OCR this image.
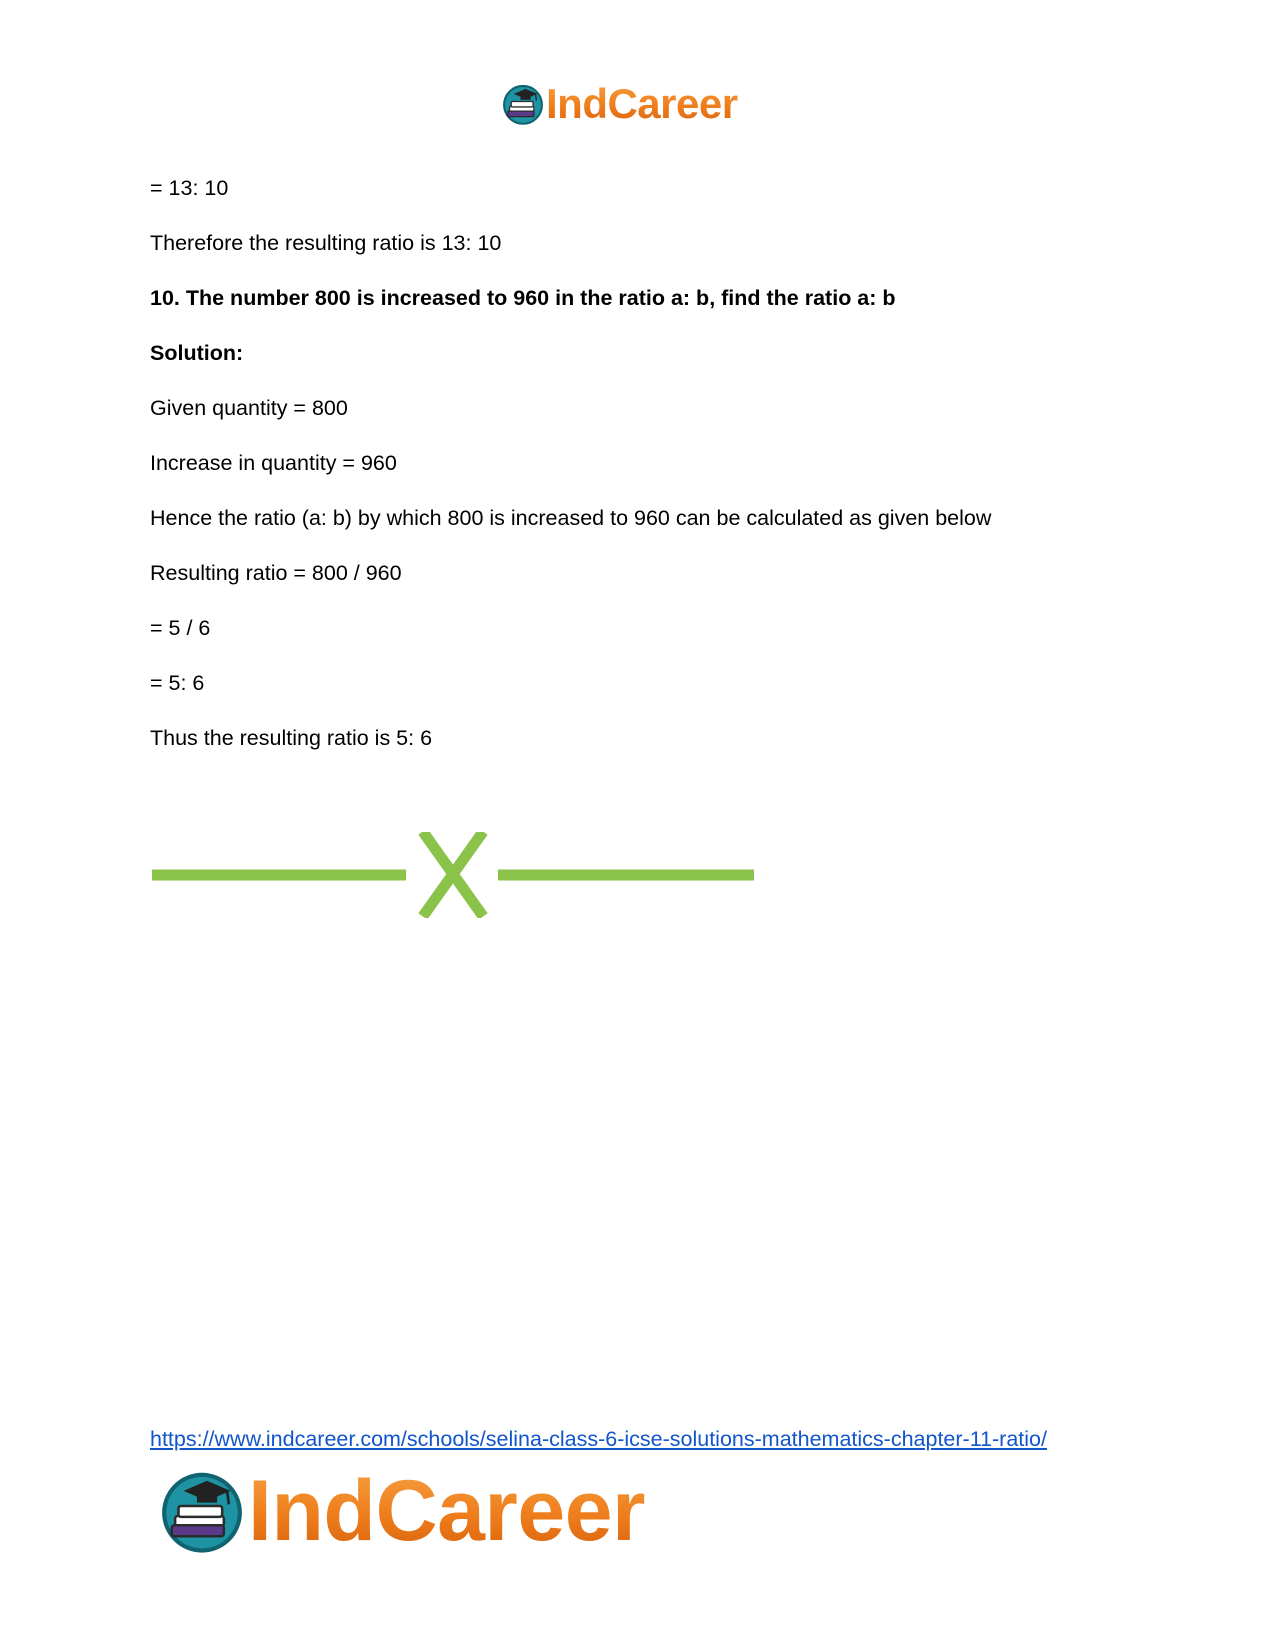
IndCareer

= 13: 10

Therefore the resulting ratio is 13: 10

10. The number 800 is increased to 960 in the ratio a: b, find the ratio a: b

Solution:

Given quantity = 800

Increase in quantity = 960

Hence the ratio (a: b) by which 800 is increased to 960 can be calculated as given below

Resulting ratio = 800 / 960

= 5 / 6

= 5: 6

Thus the resulting ratio is 5: 6

https://www.indcareer.com/schools/selina-class-6-icse-solutions-mathematics-chapter-11-ratio/
IndCareer
